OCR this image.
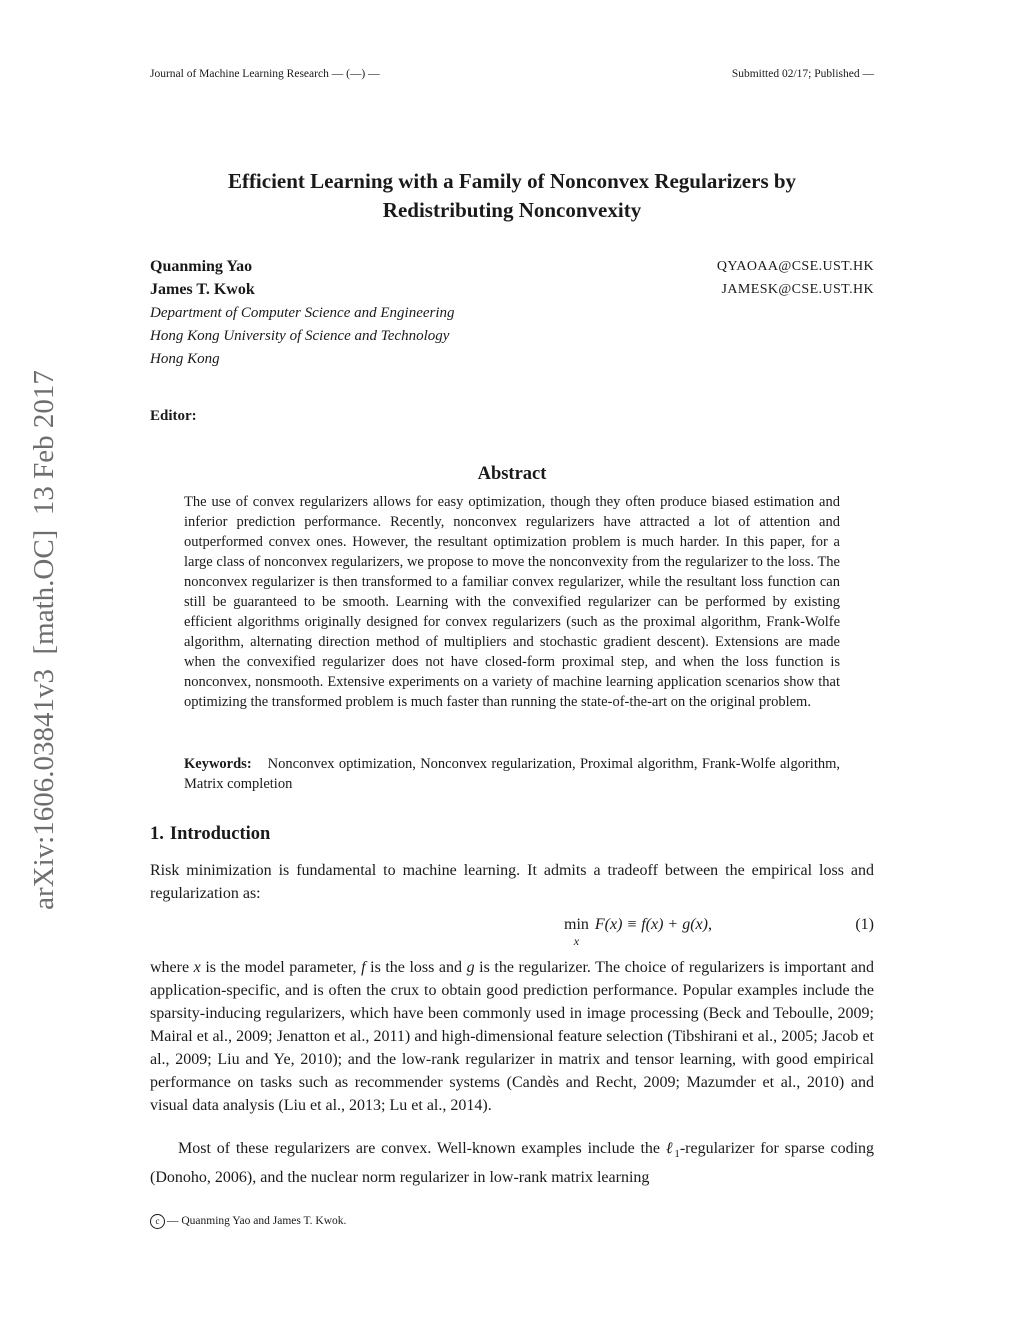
Journal of Machine Learning Research — (—) —	Submitted 02/17; Published —
Efficient Learning with a Family of Nonconvex Regularizers by
Redistributing Nonconvexity
Quanming Yao	QYAOAA@CSE.UST.HK
James T. Kwok	JAMESK@CSE.UST.HK
Department of Computer Science and Engineering
Hong Kong University of Science and Technology
Hong Kong
Editor:
Abstract
The use of convex regularizers allows for easy optimization, though they often produce biased estimation and inferior prediction performance. Recently, nonconvex regularizers have attracted a lot of attention and outperformed convex ones. However, the resultant optimization problem is much harder. In this paper, for a large class of nonconvex regularizers, we propose to move the nonconvexity from the regularizer to the loss. The nonconvex regularizer is then transformed to a familiar convex regularizer, while the resultant loss function can still be guaranteed to be smooth. Learning with the convexified regularizer can be performed by existing efficient algorithms originally designed for convex regularizers (such as the proximal algorithm, Frank-Wolfe algorithm, alternating direction method of multipliers and stochastic gradient descent). Extensions are made when the convexified regularizer does not have closed-form proximal step, and when the loss function is nonconvex, nonsmooth. Extensive experiments on a variety of machine learning application scenarios show that optimizing the transformed problem is much faster than running the state-of-the-art on the original problem.
Keywords: Nonconvex optimization, Nonconvex regularization, Proximal algorithm, Frank-Wolfe algorithm, Matrix completion
1. Introduction
Risk minimization is fundamental to machine learning. It admits a tradeoff between the empirical loss and regularization as:
min
x
F(x) ≡ f(x) + g(x),	(1)
where x is the model parameter, f is the loss and g is the regularizer. The choice of regularizers is important and application-specific, and is often the crux to obtain good prediction performance. Popular examples include the sparsity-inducing regularizers, which have been commonly used in image processing (Beck and Teboulle, 2009; Mairal et al., 2009; Jenatton et al., 2011) and high-dimensional feature selection (Tibshirani et al., 2005; Jacob et al., 2009; Liu and Ye, 2010); and the low-rank regularizer in matrix and tensor learning, with good empirical performance on tasks such as recommender systems (Candès and Recht, 2009; Mazumder et al., 2010) and visual data analysis (Liu et al., 2013; Lu et al., 2014).
Most of these regularizers are convex. Well-known examples include the ℓ$_1$-regularizer for sparse coding (Donoho, 2006), and the nuclear norm regularizer in low-rank matrix learning
c — Quanming Yao and James T. Kwok.
arXiv:1606.03841v3  [math.OC]  13 Feb 2017
